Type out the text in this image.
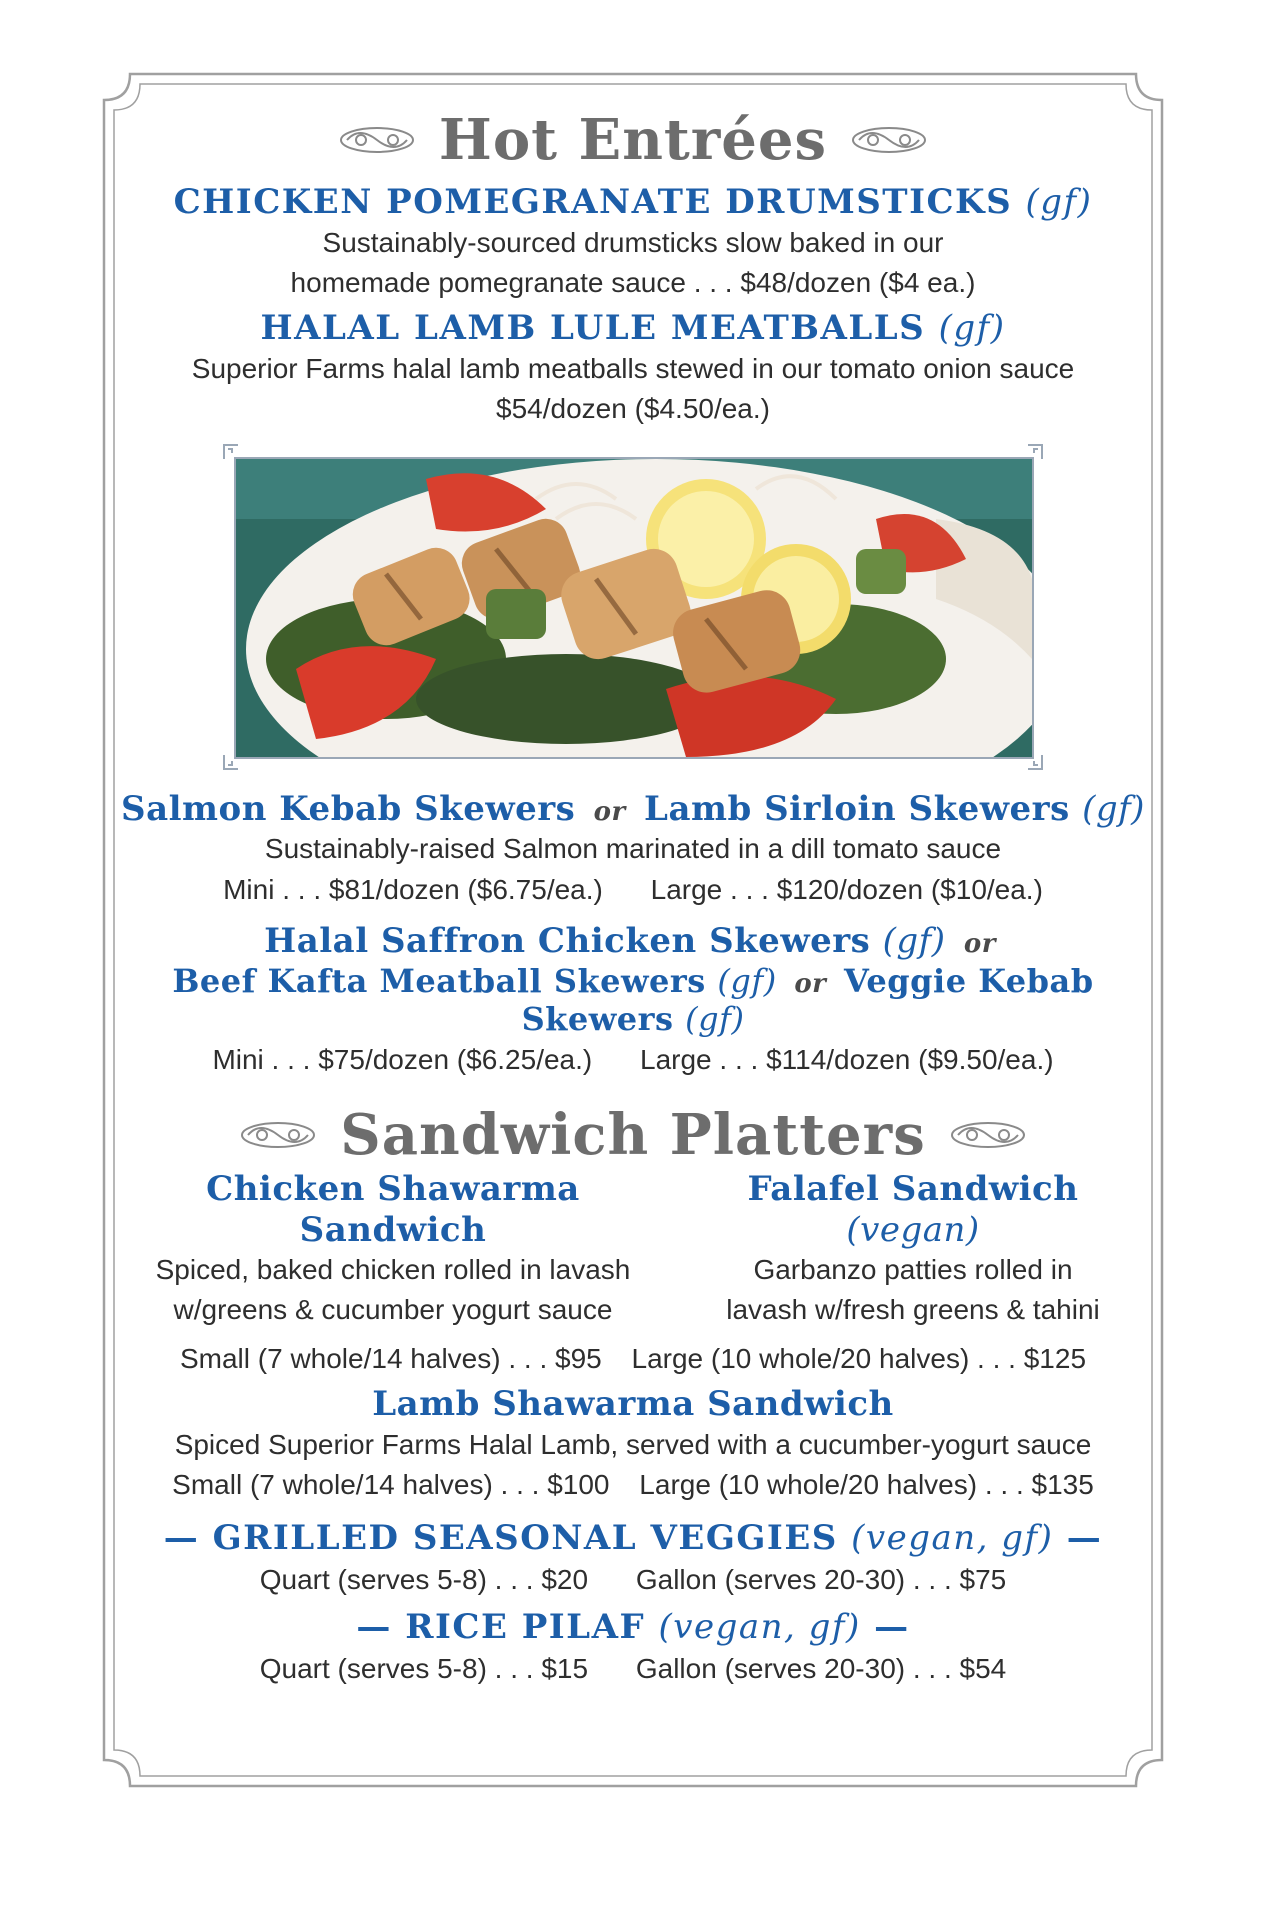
Hot Entrées

CHICKEN POMEGRANATE DRUMSTICKS (gf)

Sustainably-sourced drumsticks slow baked in our

homemade pomegranate sauce . . . $48/dozen ($4 ea.)

HALAL LAMB LULE MEATBALLS (gf)

Superior Farms halal lamb meatballs stewed in our tomato onion sauce

$54/dozen ($4.50/ea.)

Salmon Kebab Skewers or Lamb Sirloin Skewers (gf)

Sustainably-raised Salmon marinated in a dill tomato sauce

Mini . . . $81/dozen ($6.75/ea.) Large . . . $120/dozen ($10/ea.)

Halal Saffron Chicken Skewers (gf) or

Beef Kafta Meatball Skewers (gf) or Veggie Kebab Skewers (gf)

Mini . . . $75/dozen ($6.25/ea.) Large . . . $114/dozen ($9.50/ea.)

Sandwich Platters

Chicken Shawarma Sandwich

Spiced, baked chicken rolled in lavash

w/greens & cucumber yogurt sauce

Falafel Sandwich (vegan)

Garbanzo patties rolled in

lavash w/fresh greens & tahini

Small (7 whole/14 halves) . . . $95 Large (10 whole/20 halves) . . . $125

Lamb Shawarma Sandwich

Spiced Superior Farms Halal Lamb, served with a cucumber-yogurt sauce

Small (7 whole/14 halves) . . . $100 Large (10 whole/20 halves) . . . $135

— GRILLED SEASONAL VEGGIES (vegan, gf) —

Quart (serves 5-8) . . . $20 Gallon (serves 20-30) . . . $75

— RICE PILAF (vegan, gf) —

Quart (serves 5-8) . . . $15 Gallon (serves 20-30) . . . $54
